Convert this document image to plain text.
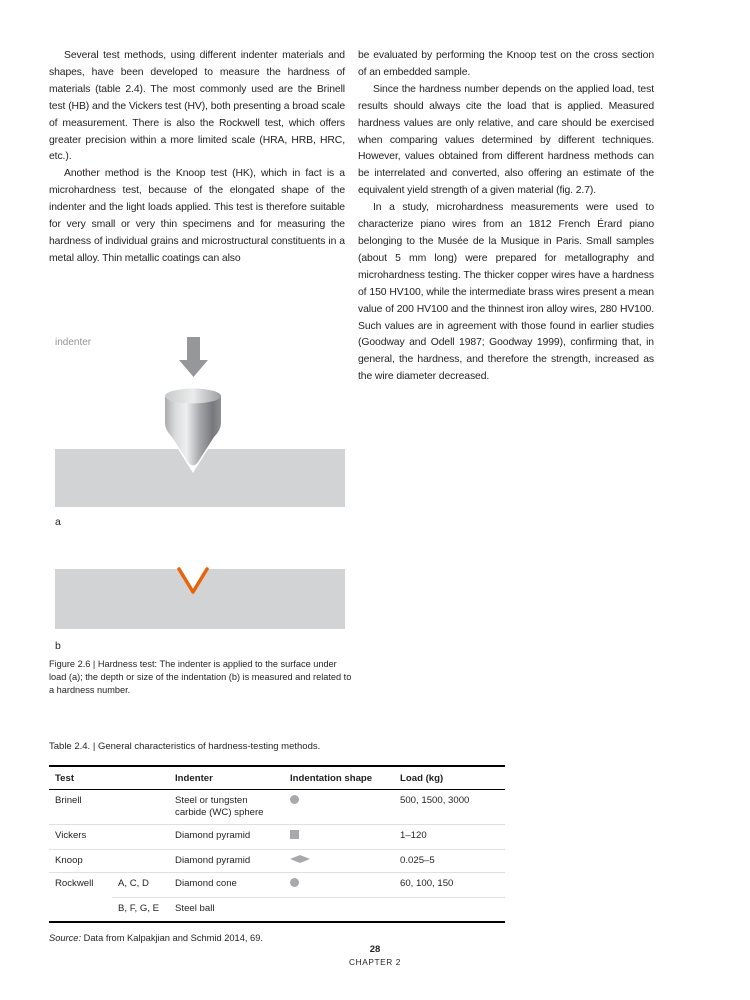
Several test methods, using different indenter materials and shapes, have been developed to measure the hardness of materials (table 2.4). The most commonly used are the Brinell test (HB) and the Vickers test (HV), both presenting a broad scale of measurement. There is also the Rockwell test, which offers greater precision within a more limited scale (HRA, HRB, HRC, etc.).

Another method is the Knoop test (HK), which in fact is a microhardness test, because of the elongated shape of the indenter and the light loads applied. This test is therefore suitable for very small or very thin specimens and for measuring the hardness of individual grains and microstructural constituents in a metal alloy. Thin metallic coatings can also

be evaluated by performing the Knoop test on the cross section of an embedded sample.

Since the hardness number depends on the applied load, test results should always cite the load that is applied. Measured hardness values are only relative, and care should be exercised when comparing values determined by different techniques. However, values obtained from different hardness methods can be interrelated and converted, also offering an estimate of the equivalent yield strength of a given material (fig. 2.7).

In a study, microhardness measurements were used to characterize piano wires from an 1812 French Érard piano belonging to the Musée de la Musique in Paris. Small samples (about 5 mm long) were prepared for metallography and microhardness testing. The thicker copper wires have a hardness of 150 HV100, while the intermediate brass wires present a mean value of 200 HV100 and the thinnest iron alloy wires, 280 HV100. Such values are in agreement with those found in earlier studies (Goodway and Odell 1987; Goodway 1999), confirming that, in general, the hardness, and therefore the strength, increased as the wire diameter decreased.

indenter
a
b
Figure 2.6 | Hardness test: The indenter is applied to the surface under load (a); the depth or size of the indentation (b) is measured and related to a hardness number.
Table 2.4. | General characteristics of hardness-testing methods.
Test		Indenter	Indentation shape	Load (kg)
Brinell		Steel or tungsten carbide (WC) sphere		500, 1500, 3000
Vickers		Diamond pyramid		1–120
Knoop		Diamond pyramid		0.025–5
Rockwell	A, C, D	Diamond cone		60, 100, 150
	B, F, G, E	Steel ball		
Source: Data from Kalpakjian and Schmid 2014, 69.
28
CHAPTER 2
